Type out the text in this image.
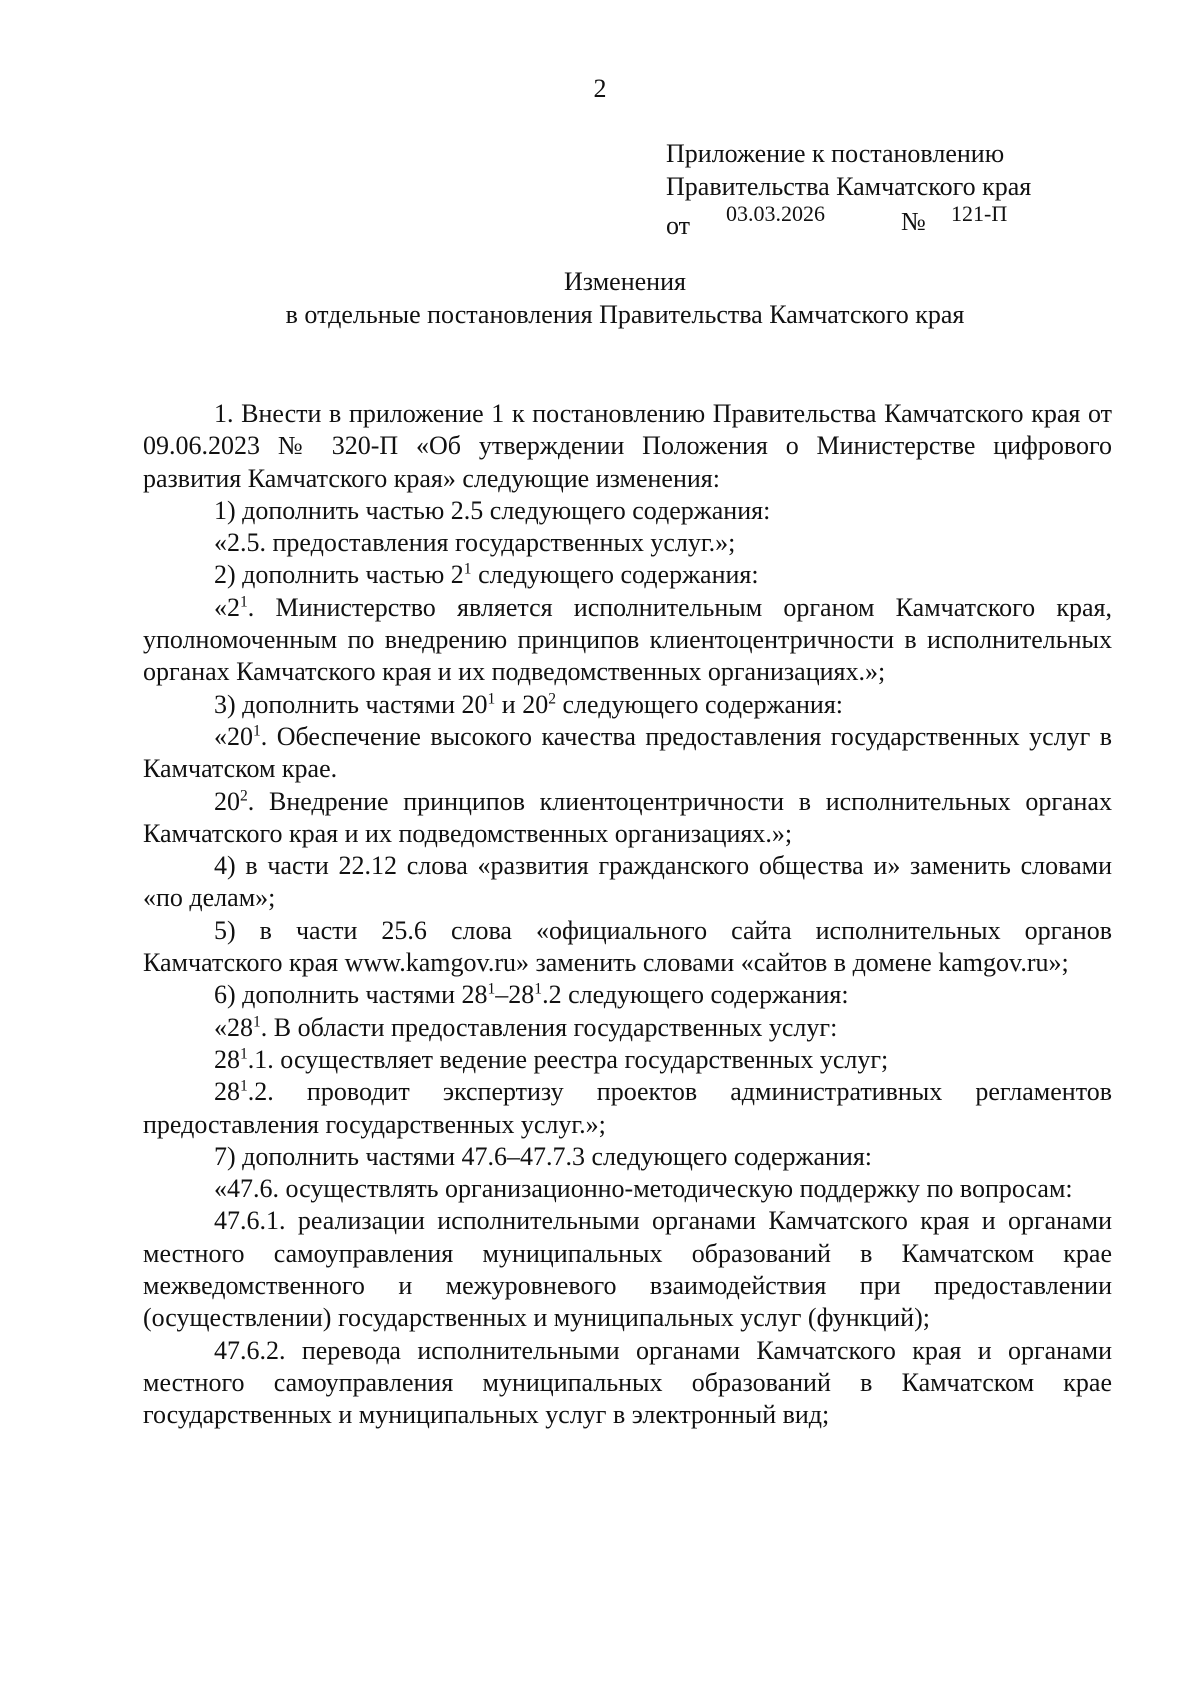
2
Приложение к постановлению
Правительства Камчатского края
от 03.03.2026	№ 121-П
Изменения
в отдельные постановления Правительства Камчатского края

1. Внести в приложение 1 к постановлению Правительства Камчатского края от 09.06.2023 № 320-П «Об утверждении Положения о Министерстве цифрового развития Камчатского края» следующие изменения:

1) дополнить частью 2.5 следующего содержания:

«2.5. предоставления государственных услуг.»;

2) дополнить частью $2^1$ следующего содержания:

«$2^1$. Министерство является исполнительным органом Камчатского края, уполномоченным по внедрению принципов клиентоцентричности в исполнительных органах Камчатского края и их подведомственных организациях.»;

3) дополнить частями $20^1$ и $20^2$ следующего содержания:

«$20^1$. Обеспечение высокого качества предоставления государственных услуг в Камчатском крае.

$20^2$. Внедрение принципов клиентоцентричности в исполнительных органах Камчатского края и их подведомственных организациях.»;

4) в части 22.12 слова «развития гражданского общества и» заменить словами «по делам»;

5) в части 25.6 слова «официального сайта исполнительных органов Камчатского края www.kamgov.ru» заменить словами «сайтов в домене kamgov.ru»;

6) дополнить частями $28^1-28^1.2$ следующего содержания:

«$28^1$. В области предоставления государственных услуг:

$28^1.1$. осуществляет ведение реестра государственных услуг;

$28^1.2$. проводит экспертизу проектов административных регламентов предоставления государственных услуг.»;

7) дополнить частями 47.6–47.7.3 следующего содержания:

«47.6. осуществлять организационно-методическую поддержку по вопросам:

47.6.1. реализации исполнительными органами Камчатского края и органами местного самоуправления муниципальных образований в Камчатском крае межведомственного и межуровневого взаимодействия при предоставлении (осуществлении) государственных и муниципальных услуг (функций);

47.6.2. перевода исполнительными органами Камчатского края и органами местного самоуправления муниципальных образований в Камчатском крае государственных и муниципальных услуг в электронный вид;
